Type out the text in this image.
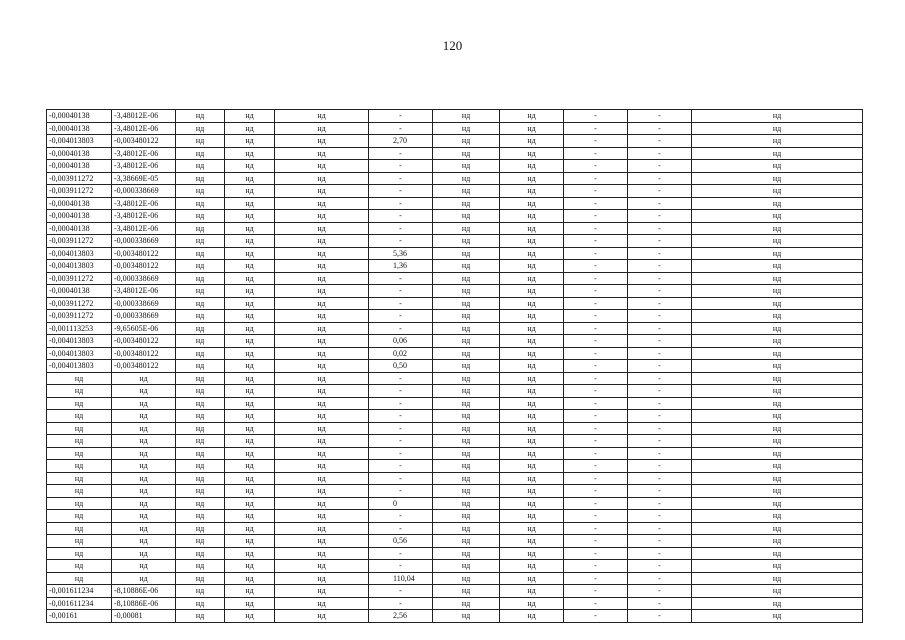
120
-0,00040138	-3,48012E-06	нд	нд	нд	-	нд	нд	-	-	нд
-0,00040138	-3,48012E-06	нд	нд	нд	-	нд	нд	-	-	нд
-0,004013803	-0,003480122	нд	нд	нд	2,70	нд	нд	-	-	нд
-0,00040138	-3,48012E-06	нд	нд	нд	-	нд	нд	-	-	нд
-0,00040138	-3,48012E-06	нд	нд	нд	-	нд	нд	-	-	нд
-0,003911272	-3,38669E-05	нд	нд	нд	-	нд	нд	-	-	нд
-0,003911272	-0,000338669	нд	нд	нд	-	нд	нд	-	-	нд
-0,00040138	-3,48012E-06	нд	нд	нд	-	нд	нд	-	-	нд
-0,00040138	-3,48012E-06	нд	нд	нд	-	нд	нд	-	-	нд
-0,00040138	-3,48012E-06	нд	нд	нд	-	нд	нд	-	-	нд
-0,003911272	-0,000338669	нд	нд	нд	-	нд	нд	-	-	нд
-0,004013803	-0,003480122	нд	нд	нд	5,36	нд	нд	-	-	нд
-0,004013803	-0,003480122	нд	нд	нд	1,36	нд	нд	-	-	нд
-0,003911272	-0,000338669	нд	нд	нд	-	нд	нд	-	-	нд
-0,00040138	-3,48012E-06	нд	нд	нд	-	нд	нд	-	-	нд
-0,003911272	-0,000338669	нд	нд	нд	-	нд	нд	-	-	нд
-0,003911272	-0,000338669	нд	нд	нд	-	нд	нд	-	-	нд
-0,001113253	-9,65605E-06	нд	нд	нд	-	нд	нд	-	-	нд
-0,004013803	-0,003480122	нд	нд	нд	0,06	нд	нд	-	-	нд
-0,004013803	-0,003480122	нд	нд	нд	0,02	нд	нд	-	-	нд
-0,004013803	-0,003480122	нд	нд	нд	0,50	нд	нд	-	-	нд
нд	нд	нд	нд	нд	-	нд	нд	-	-	нд
нд	нд	нд	нд	нд	-	нд	нд	-	-	нд
нд	нд	нд	нд	нд	-	нд	нд	-	-	нд
нд	нд	нд	нд	нд	-	нд	нд	-	-	нд
нд	нд	нд	нд	нд	-	нд	нд	-	-	нд
нд	нд	нд	нд	нд	-	нд	нд	-	-	нд
нд	нд	нд	нд	нд	-	нд	нд	-	-	нд
нд	нд	нд	нд	нд	-	нд	нд	-	-	нд
нд	нд	нд	нд	нд	-	нд	нд	-	-	нд
нд	нд	нд	нд	нд	-	нд	нд	-	-	нд
нд	нд	нд	нд	нд	0	нд	нд	-	-	нд
нд	нд	нд	нд	нд	-	нд	нд	-	-	нд
нд	нд	нд	нд	нд	-	нд	нд	-	-	нд
нд	нд	нд	нд	нд	0,56	нд	нд	-	-	нд
нд	нд	нд	нд	нд	-	нд	нд	-	-	нд
нд	нд	нд	нд	нд	-	нд	нд	-	-	нд
нд	нд	нд	нд	нд	110,04	нд	нд	-	-	нд
-0,001611234	-8,10886E-06	нд	нд	нд	-	нд	нд	-	-	нд
-0,001611234	-8,10886E-06	нд	нд	нд	-	нд	нд	-	-	нд
-0,00161	-0,00081	нд	нд	нд	2,56	нд	нд	-	-	нд
